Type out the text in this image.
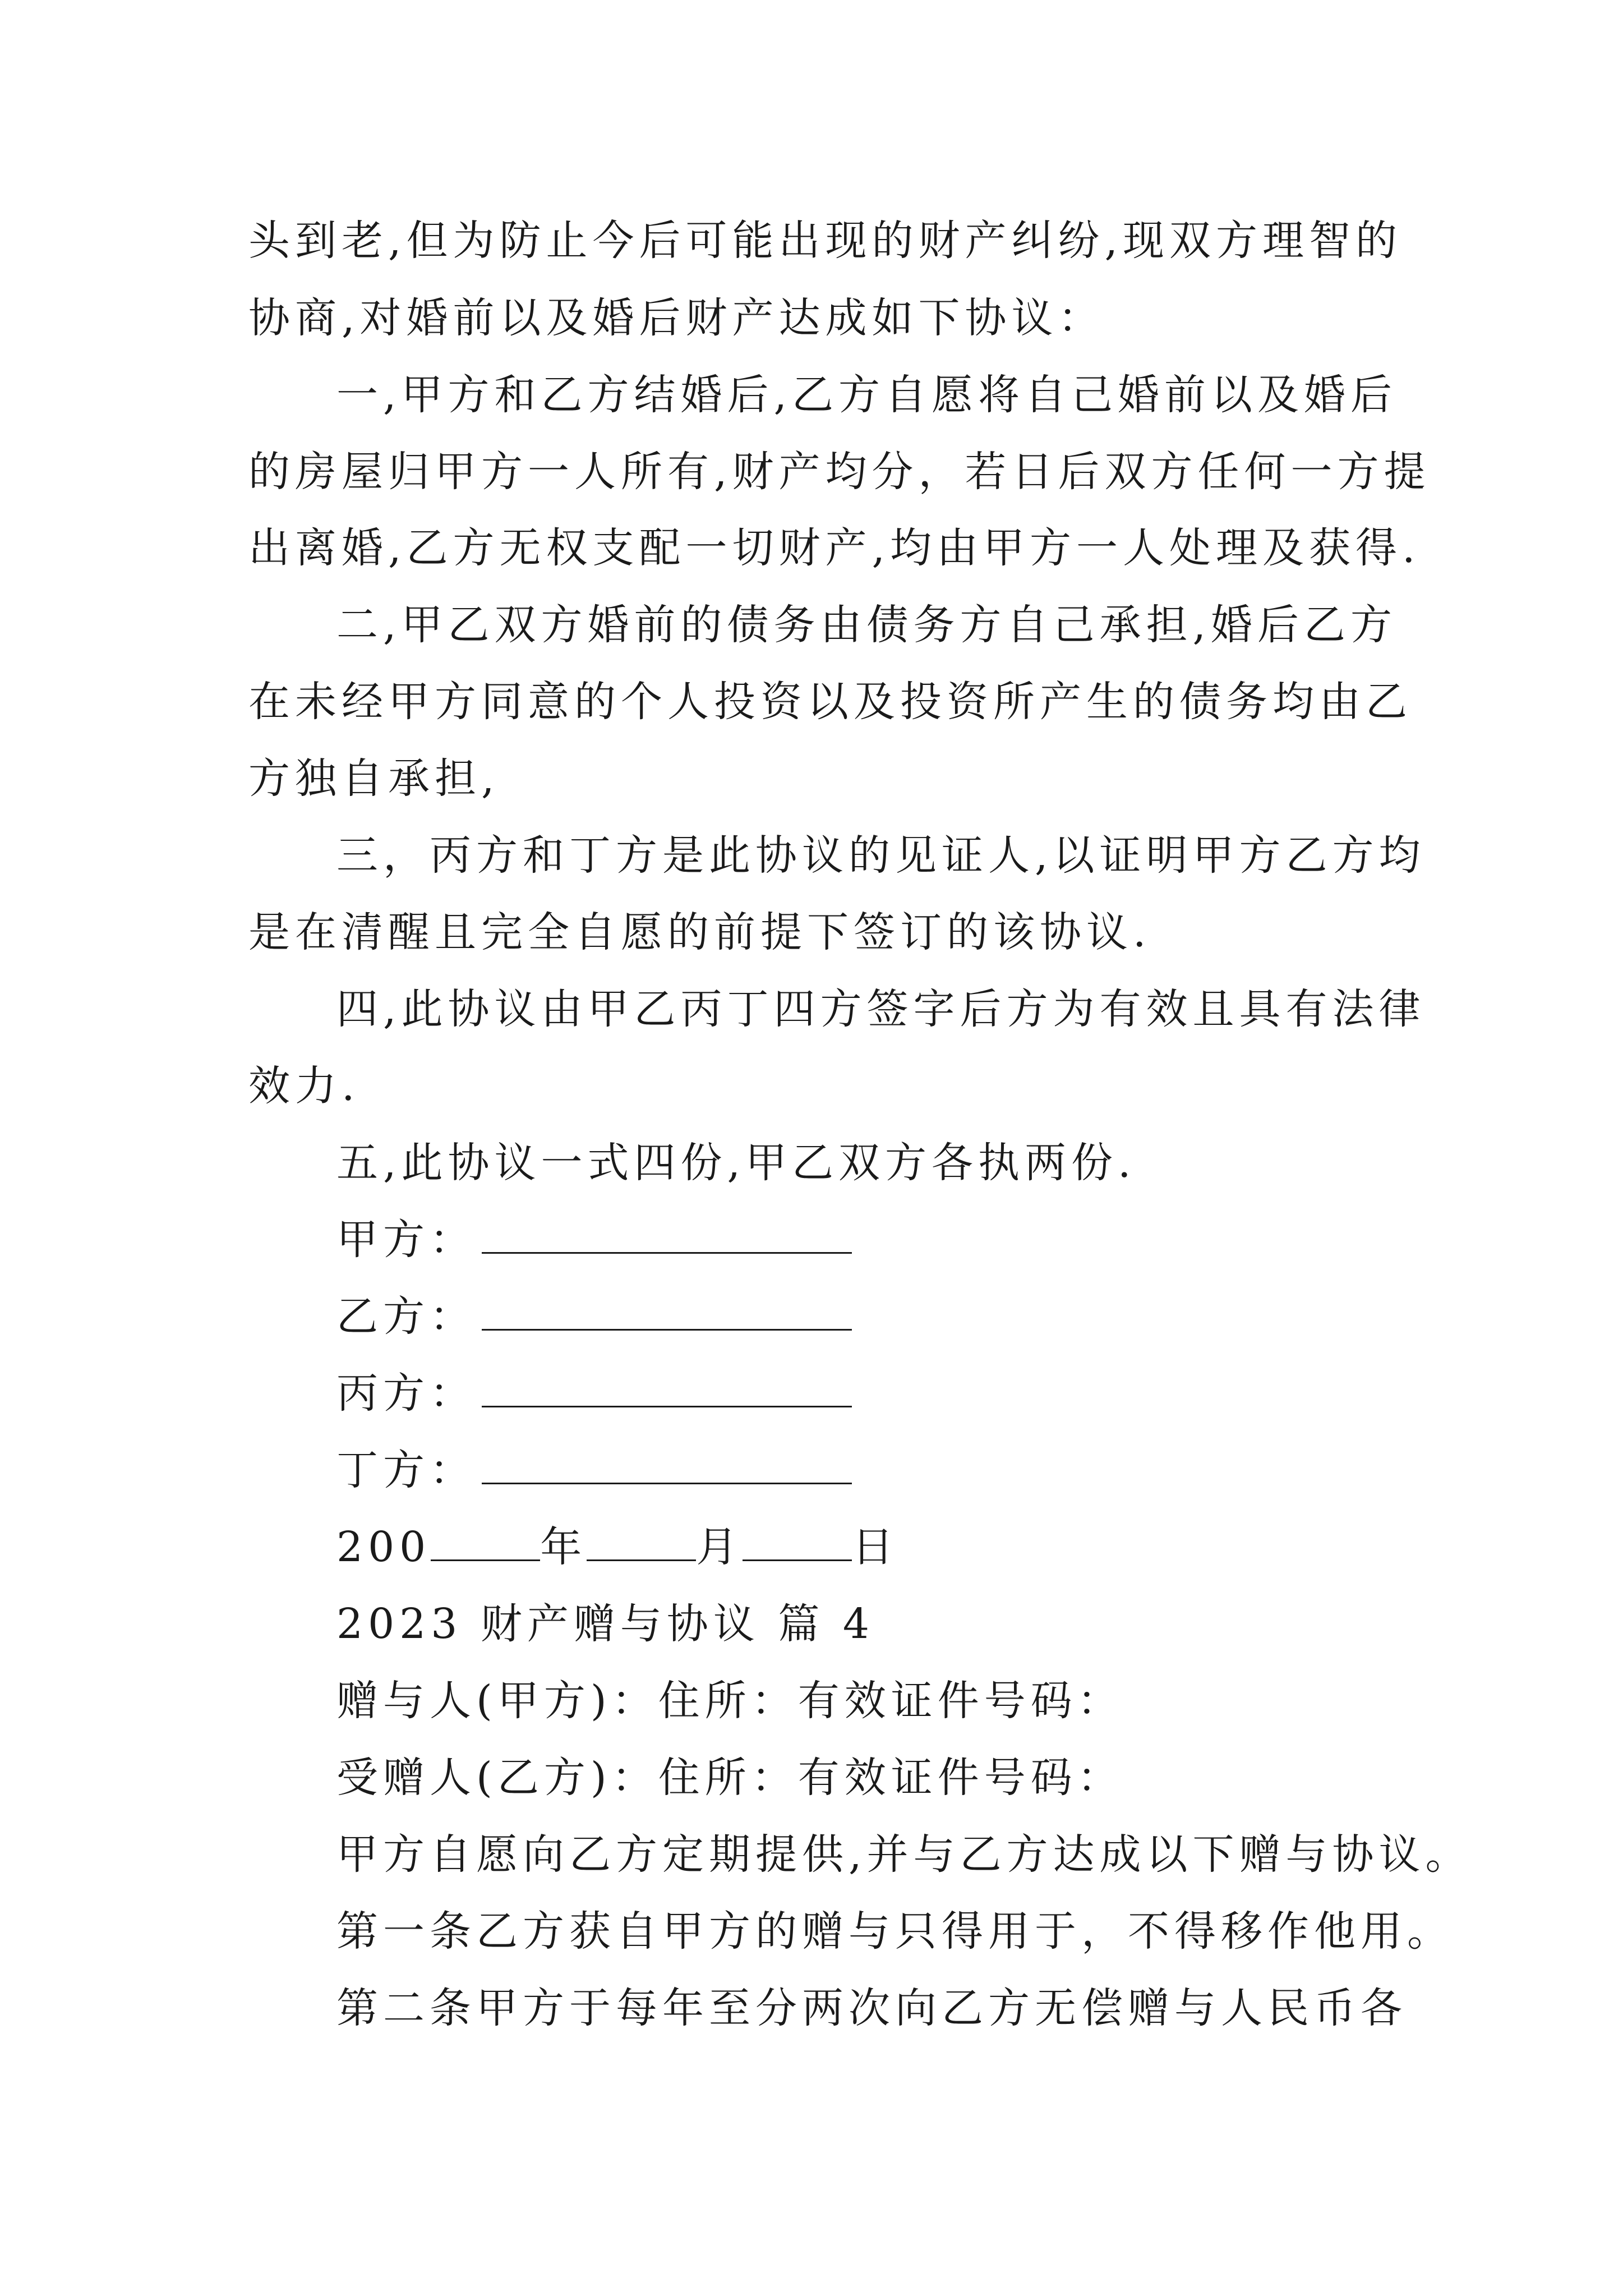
头到老,但为防止今后可能出现的财产纠纷,现双方理智的
协商,对婚前以及婚后财产达成如下协议：
一,甲方和乙方结婚后,乙方自愿将自己婚前以及婚后
的房屋归甲方一人所有,财产均分，若日后双方任何一方提
出离婚,乙方无权支配一切财产,均由甲方一人处理及获得.
二,甲乙双方婚前的债务由债务方自己承担,婚后乙方
在未经甲方同意的个人投资以及投资所产生的债务均由乙
方独自承担,
三，丙方和丁方是此协议的见证人,以证明甲方乙方均
是在清醒且完全自愿的前提下签订的该协议.
四,此协议由甲乙丙丁四方签字后方为有效且具有法律
效力.
五,此协议一式四份,甲乙双方各执两份.
甲方：
乙方：
丙方：
丁方：
200	年	月	日
2023 财产赠与协议 篇 4
赠与人(甲方)：住所：有效证件号码：
受赠人(乙方)：住所：有效证件号码：
甲方自愿向乙方定期提供,并与乙方达成以下赠与协议。
第一条乙方获自甲方的赠与只得用于，不得移作他用。
第二条甲方于每年至分两次向乙方无偿赠与人民币各
